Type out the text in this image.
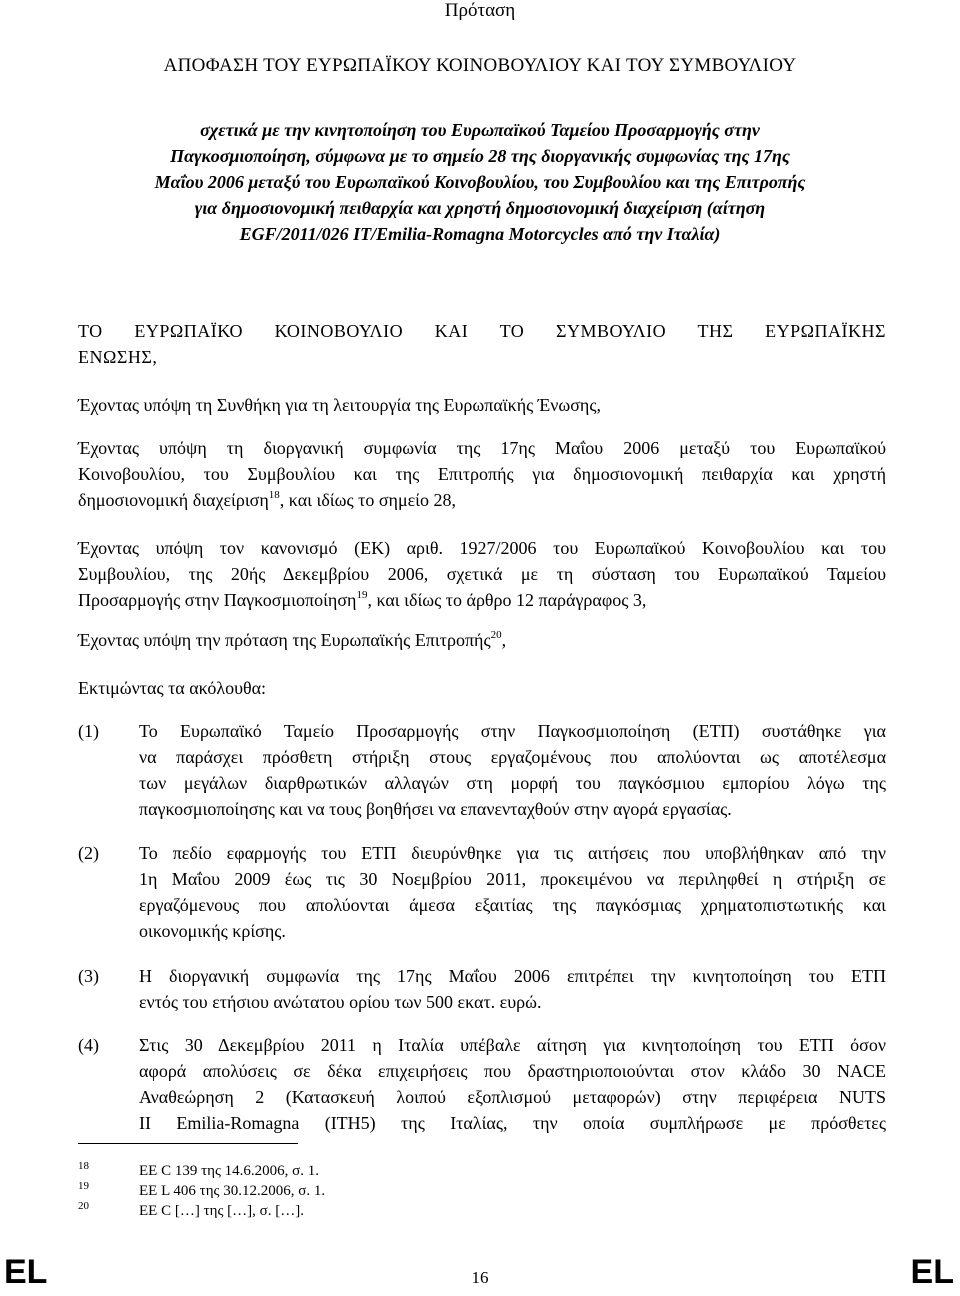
Πρόταση
ΑΠΟΦΑΣΗ ΤΟΥ ΕΥΡΩΠΑΪΚΟΥ ΚΟΙΝΟΒΟΥΛΙΟΥ ΚΑΙ ΤΟΥ ΣΥΜΒΟΥΛΙΟΥ
σχετικά με την κινητοποίηση του Ευρωπαϊκού Ταμείου Προσαρμογής στην
Παγκοσμιοποίηση, σύμφωνα με το σημείο 28 της διοργανικής συμφωνίας της 17ης
Μαΐου 2006 μεταξύ του Ευρωπαϊκού Κοινοβουλίου, του Συμβουλίου και της Επιτροπής
για δημοσιονομική πειθαρχία και χρηστή δημοσιονομική διαχείριση (αίτηση
EGF/2011/026 IT/Emilia-Romagna Motorcycles από την Ιταλία)
ΤΟ ΕΥΡΩΠΑΪΚΟ ΚΟΙΝΟΒΟΥΛΙΟ ΚΑΙ ΤΟ ΣΥΜΒΟΥΛΙΟ ΤΗΣ ΕΥΡΩΠΑΪΚΗΣ
ΕΝΩΣΗΣ,
Έχοντας υπόψη τη Συνθήκη για τη λειτουργία της Ευρωπαϊκής Ένωσης,
Έχοντας υπόψη τη διοργανική συμφωνία της 17ης Μαΐου 2006 μεταξύ του Ευρωπαϊκού
Κοινοβουλίου, του Συμβουλίου και της Επιτροπής για δημοσιονομική πειθαρχία και χρηστή
δημοσιονομική διαχείριση$^{18}$, και ιδίως το σημείο 28,
Έχοντας υπόψη τον κανονισμό (ΕΚ) αριθ. 1927/2006 του Ευρωπαϊκού Κοινοβουλίου και του
Συμβουλίου, της 20ής Δεκεμβρίου 2006, σχετικά με τη σύσταση του Ευρωπαϊκού Ταμείου
Προσαρμογής στην Παγκοσμιοποίηση$^{19}$, και ιδίως το άρθρο 12 παράγραφος 3,
Έχοντας υπόψη την πρόταση της Ευρωπαϊκής Επιτροπής$^{20}$,
Εκτιμώντας τα ακόλουθα:
(1)	Το Ευρωπαϊκό Ταμείο Προσαρμογής στην Παγκοσμιοποίηση (ΕΤΠ) συστάθηκε για
να παράσχει πρόσθετη στήριξη στους εργαζομένους που απολύονται ως αποτέλεσμα
των μεγάλων διαρθρωτικών αλλαγών στη μορφή του παγκόσμιου εμπορίου λόγω της
παγκοσμιοποίησης και να τους βοηθήσει να επανενταχθούν στην αγορά εργασίας.
(2)	Το πεδίο εφαρμογής του ΕΤΠ διευρύνθηκε για τις αιτήσεις που υποβλήθηκαν από την
1η Μαΐου 2009 έως τις 30 Νοεμβρίου 2011, προκειμένου να περιληφθεί η στήριξη σε
εργαζόμενους που απολύονται άμεσα εξαιτίας της παγκόσμιας χρηματοπιστωτικής και
οικονομικής κρίσης.
(3)	Η διοργανική συμφωνία της 17ης Μαΐου 2006 επιτρέπει την κινητοποίηση του ΕΤΠ
εντός του ετήσιου ανώτατου ορίου των 500 εκατ. ευρώ.
(4)	Στις 30 Δεκεμβρίου 2011 η Ιταλία υπέβαλε αίτηση για κινητοποίηση του ΕΤΠ όσον
αφορά απολύσεις σε δέκα επιχειρήσεις που δραστηριοποιούνται στον κλάδο 30 NACE
Αναθεώρηση 2 (Κατασκευή λοιπού εξοπλισμού μεταφορών) στην περιφέρεια NUTS
II Emilia-Romagna (ITH5) της Ιταλίας, την οποία συμπλήρωσε με πρόσθετες
18	ΕΕ C 139 της 14.6.2006, σ. 1.
19	ΕΕ L 406 της 30.12.2006, σ. 1.
20	ΕΕ C […] της […], σ. […].
EL	16	EL
